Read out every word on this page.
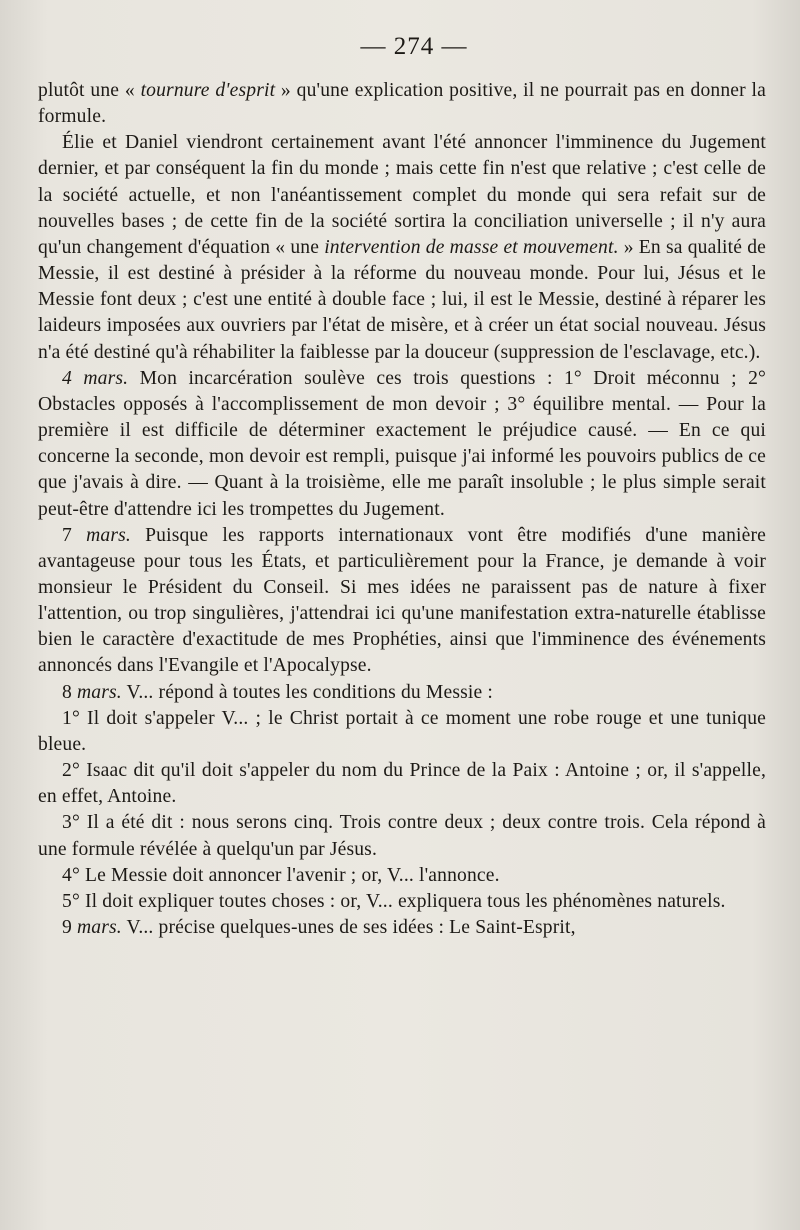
— 274 —

plutôt une « tournure d'esprit » qu'une explication positive, il ne pourrait pas en donner la formule.

Élie et Daniel viendront certainement avant l'été annoncer l'imminence du Jugement dernier, et par conséquent la fin du monde ; mais cette fin n'est que relative ; c'est celle de la société actuelle, et non l'anéantissement complet du monde qui sera refait sur de nouvelles bases ; de cette fin de la société sortira la conciliation universelle ; il n'y aura qu'un changement d'équation « une intervention de masse et mouvement. » En sa qualité de Messie, il est destiné à présider à la réforme du nouveau monde. Pour lui, Jésus et le Messie font deux ; c'est une entité à double face ; lui, il est le Messie, destiné à réparer les laideurs imposées aux ouvriers par l'état de misère, et à créer un état social nouveau. Jésus n'a été destiné qu'à réhabiliter la faiblesse par la douceur (suppression de l'esclavage, etc.).

4 mars. Mon incarcération soulève ces trois questions : 1° Droit méconnu ; 2° Obstacles opposés à l'accomplissement de mon devoir ; 3° équilibre mental. — Pour la première il est difficile de déterminer exactement le préjudice causé. — En ce qui concerne la seconde, mon devoir est rempli, puisque j'ai informé les pouvoirs publics de ce que j'avais à dire. — Quant à la troisième, elle me paraît insoluble ; le plus simple serait peut-être d'attendre ici les trompettes du Jugement.

7 mars. Puisque les rapports internationaux vont être modifiés d'une manière avantageuse pour tous les États, et particulièrement pour la France, je demande à voir monsieur le Président du Conseil. Si mes idées ne paraissent pas de nature à fixer l'attention, ou trop singulières, j'attendrai ici qu'une manifestation extra-naturelle établisse bien le caractère d'exactitude de mes Prophéties, ainsi que l'imminence des événements annoncés dans l'Evangile et l'Apocalypse.

8 mars. V... répond à toutes les conditions du Messie :

1° Il doit s'appeler V... ; le Christ portait à ce moment une robe rouge et une tunique bleue.

2° Isaac dit qu'il doit s'appeler du nom du Prince de la Paix : Antoine ; or, il s'appelle, en effet, Antoine.

3° Il a été dit : nous serons cinq. Trois contre deux ; deux contre trois. Cela répond à une formule révélée à quelqu'un par Jésus.

4° Le Messie doit annoncer l'avenir ; or, V... l'annonce.

5° Il doit expliquer toutes choses : or, V... expliquera tous les phénomènes naturels.

9 mars. V... précise quelques-unes de ses idées : Le Saint-Esprit,
